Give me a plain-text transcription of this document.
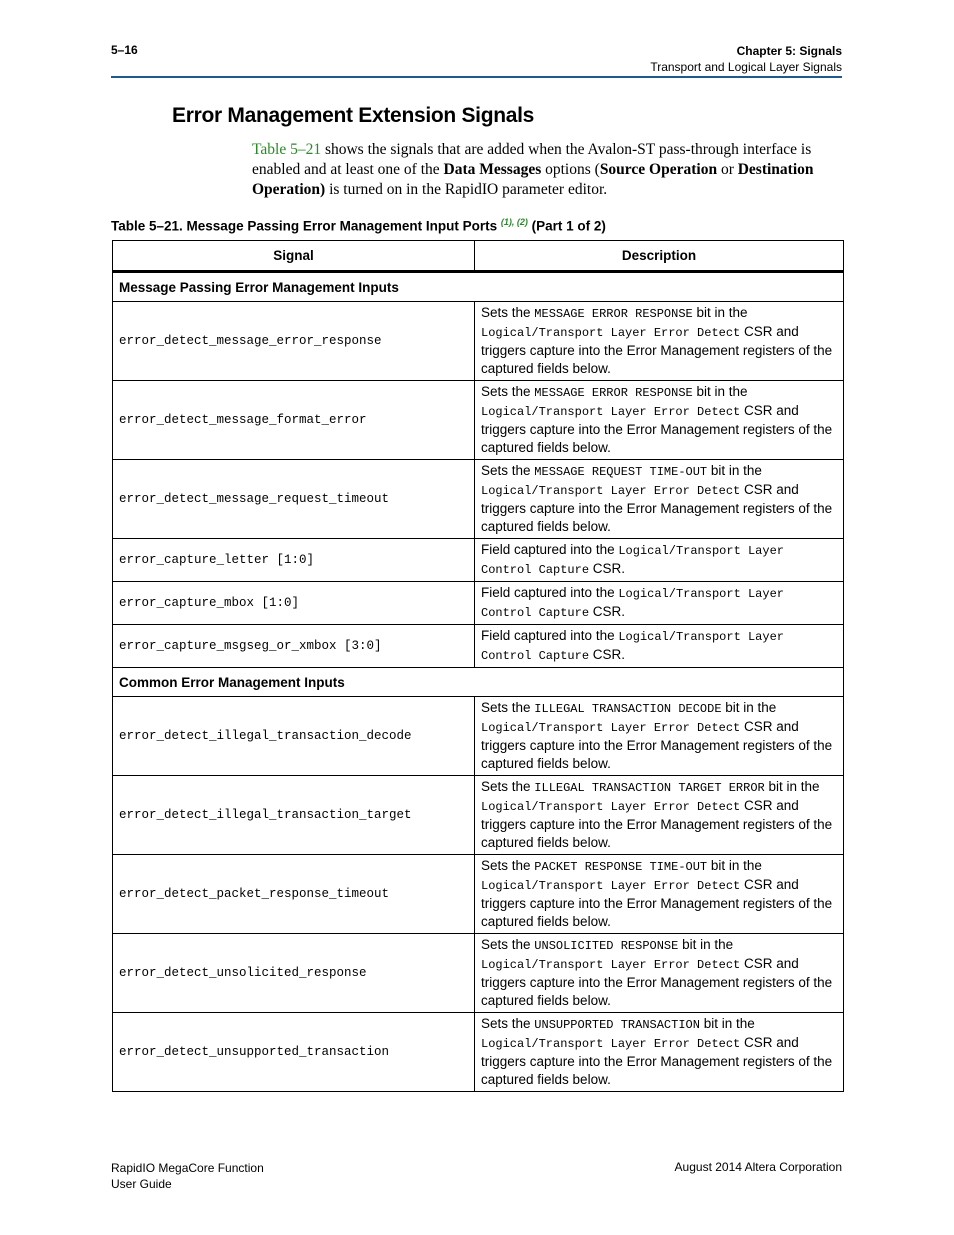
5–16	Chapter 5: Signals
Transport and Logical Layer Signals
Error Management Extension Signals
Table 5–21 shows the signals that are added when the Avalon-ST pass-through interface is enabled and at least one of the Data Messages options (Source Operation or Destination Operation) is turned on in the RapidIO parameter editor.
Table 5–21. Message Passing Error Management Input Ports $^{(1), (2)}$ (Part 1 of 2)
Signal	Description
Message Passing Error Management Inputs	
error_detect_message_error_response	Sets the MESSAGE ERROR RESPONSE bit in the Logical/Transport Layer Error Detect CSR and triggers capture into the Error Management registers of the captured fields below.
error_detect_message_format_error	Sets the MESSAGE ERROR RESPONSE bit in the Logical/Transport Layer Error Detect CSR and triggers capture into the Error Management registers of the captured fields below.
error_detect_message_request_timeout	Sets the MESSAGE REQUEST TIME-OUT bit in the Logical/Transport Layer Error Detect CSR and triggers capture into the Error Management registers of the captured fields below.
error_capture_letter [1:0]	Field captured into the Logical/Transport Layer Control Capture CSR.
error_capture_mbox [1:0]	Field captured into the Logical/Transport Layer Control Capture CSR.
error_capture_msgseg_or_xmbox [3:0]	Field captured into the Logical/Transport Layer Control Capture CSR.
Common Error Management Inputs	
error_detect_illegal_transaction_decode	Sets the ILLEGAL TRANSACTION DECODE bit in the Logical/Transport Layer Error Detect CSR and triggers capture into the Error Management registers of the captured fields below.
error_detect_illegal_transaction_target	Sets the ILLEGAL TRANSACTION TARGET ERROR bit in the Logical/Transport Layer Error Detect CSR and triggers capture into the Error Management registers of the captured fields below.
error_detect_packet_response_timeout	Sets the PACKET RESPONSE TIME-OUT bit in the Logical/Transport Layer Error Detect CSR and triggers capture into the Error Management registers of the captured fields below.
error_detect_unsolicited_response	Sets the UNSOLICITED RESPONSE bit in the Logical/Transport Layer Error Detect CSR and triggers capture into the Error Management registers of the captured fields below.
error_detect_unsupported_transaction	Sets the UNSUPPORTED TRANSACTION bit in the Logical/Transport Layer Error Detect CSR and triggers capture into the Error Management registers of the captured fields below.
RapidIO MegaCore Function
User Guide
August 2014 Altera Corporation
